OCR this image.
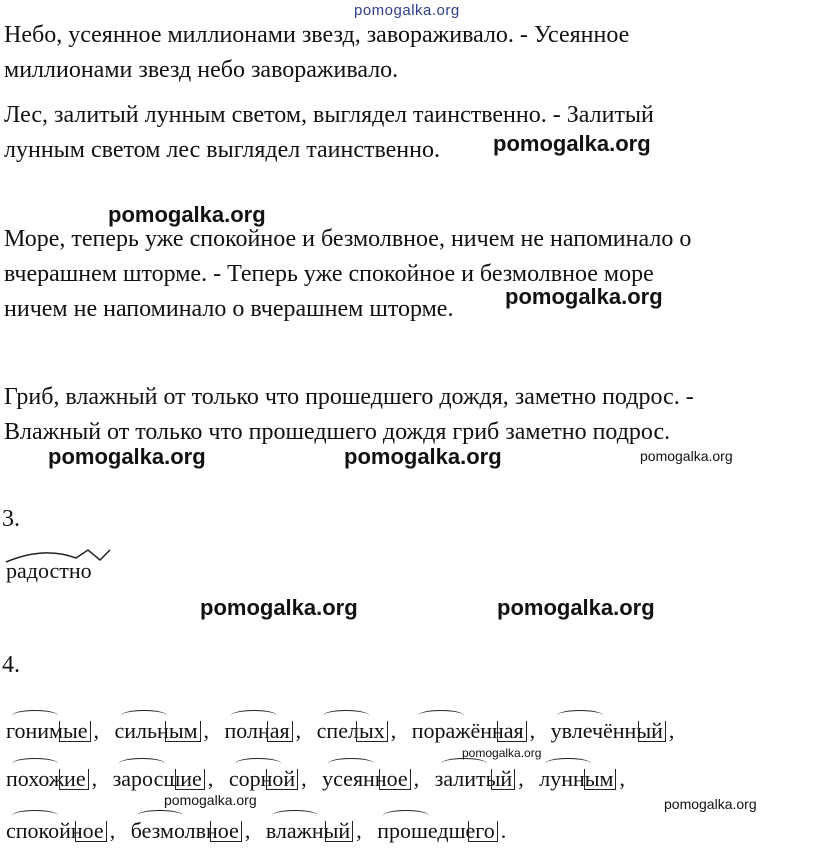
pomogalka.org
Небо, усеянное миллионами звезд, завораживало. - Усеянное
миллионами звезд небо завораживало.
Лес, залитый лунным светом, выглядел таинственно. - Залитый
лунным светом лес выглядел таинственно.	pomogalka.org
pomogalka.org
Море, теперь уже спокойное и безмолвное, ничем не напоминало о
вчерашнем шторме. - Теперь уже спокойное и безмолвное море
ничем не напоминало о вчерашнем шторме.	pomogalka.org
Гриб, влажный от только что прошедшего дождя, заметно подрос. -
Влажный от только что прошедшего дождя гриб заметно подрос.
pomogalka.org	pomogalka.org	pomogalka.org
3.
радостно
pomogalka.org	pomogalka.org
4.
гонимые , сильным , полная , спелых , поражённая , увлечённый ,
pomogalka.org
похожие , заросшие , сорной , усеянное , залитый , лунным ,
pomogalka.org	pomogalka.org
спокойное , безмолвное , влажный , прошедшего .
